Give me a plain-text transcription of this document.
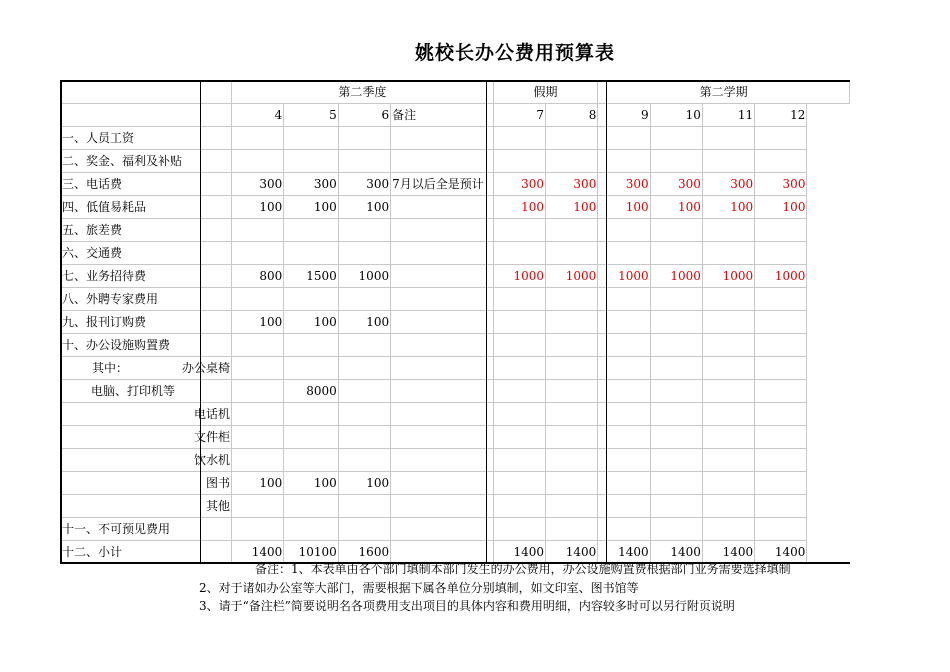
姚校长办公费用预算表
	第二季度				假期		第二学期			
	4	5	6	备注	7	8	9	10	11	12
一、人员工资										
二、奖金、福利及补贴										
三、电话费	300	300	300	7月以后全是预计	300	300	300	300	300	300
四、低值易耗品	100	100	100		100	100	100	100	100	100
五、旅差费										
六、交通费										
七、业务招待费	800	1500	1000		1000	1000	1000	1000	1000	1000
八、外聘专家费用										
九、报刊订购费	100	100	100							
十、办公设施购置费										
其中： 办公桌椅										
电脑、打印机等		8000								
电话机										
文件柜										
饮水机										
图书	100	100	100							
其他										
十一、不可预见费用										
十二、小计	1400	10100	1600		1400	1400	1400	1400	1400	1400
备注：1、本表单由各个部门填制本部门发生的办公费用，办公设施购置费根据部门业务需要选择填制
2、对于诸如办公室等大部门，需要根据下属各单位分别填制，如文印室、图书馆等
3、请于“备注栏”简要说明名各项费用支出项目的具体内容和费用明细，内容较多时可以另行附页说明
